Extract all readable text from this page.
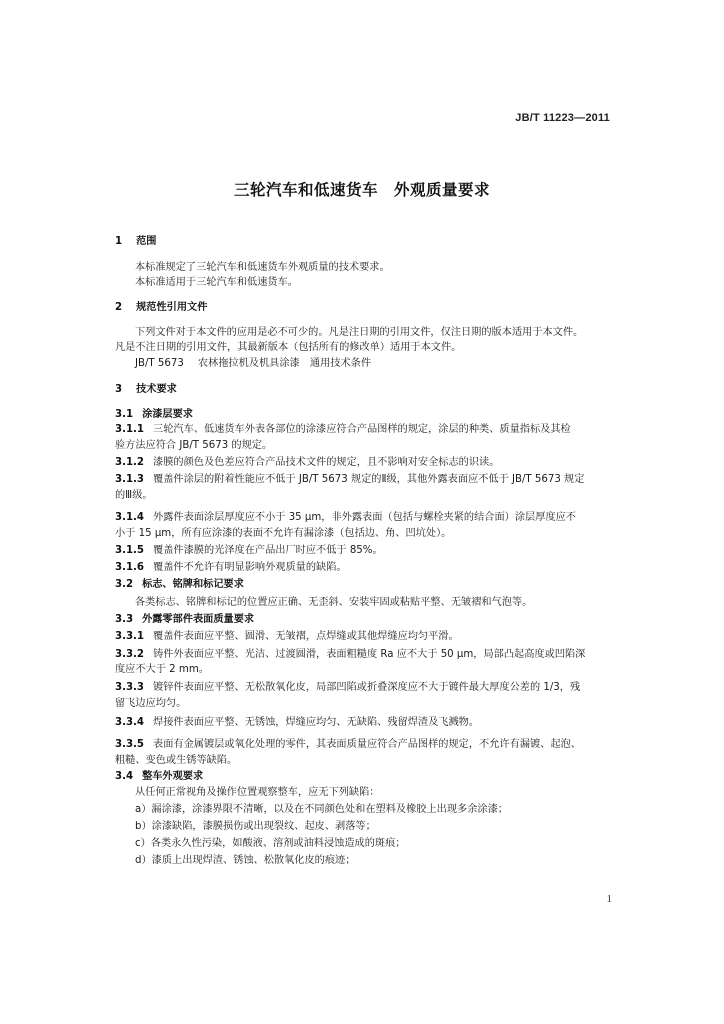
JB/T 11223—2011
三轮汽车和低速货车　外观质量要求
1 范围
本标准规定了三轮汽车和低速货车外观质量的技术要求。
本标准适用于三轮汽车和低速货车。
2 规范性引用文件
下列文件对于本文件的应用是必不可少的。凡是注日期的引用文件，仅注日期的版本适用于本文件。
凡是不注日期的引用文件，其最新版本（包括所有的修改单）适用于本文件。
JB/T 5673 农林拖拉机及机具涂漆　通用技术条件
3 技术要求
3.1 涂漆层要求
3.1.1 三轮汽车、低速货车外表各部位的涂漆应符合产品图样的规定，涂层的种类、质量指标及其检
验方法应符合 JB/T 5673 的规定。
3.1.2 漆膜的颜色及色差应符合产品技术文件的规定，且不影响对安全标志的识读。
3.1.3 覆盖件涂层的附着性能应不低于 JB/T 5673 规定的Ⅱ级，其他外露表面应不低于 JB/T 5673 规定
的Ⅲ级。
3.1.4 外露件表面涂层厚度应不小于 35 μm，非外露表面（包括与螺栓夹紧的结合面）涂层厚度应不
小于 15 μm，所有应涂漆的表面不允许有漏涂漆（包括边、角、凹坑处）。
3.1.5 覆盖件漆膜的光泽度在产品出厂时应不低于 85%。
3.1.6 覆盖件不允许有明显影响外观质量的缺陷。
3.2 标志、铭牌和标记要求
各类标志、铭牌和标记的位置应正确、无歪斜、安装牢固或粘贴平整、无皱褶和气泡等。
3.3 外露零部件表面质量要求
3.3.1 覆盖件表面应平整、圆滑、无皱褶，点焊缝或其他焊缝应均匀平滑。
3.3.2 铸件外表面应平整、光洁、过渡圆滑，表面粗糙度 Ra 应不大于 50 μm，局部凸起高度或凹陷深
度应不大于 2 mm。
3.3.3 镀锌件表面应平整、无松散氧化皮，局部凹陷或折叠深度应不大于镀件最大厚度公差的 1/3，残
留飞边应均匀。
3.3.4 焊接件表面应平整、无锈蚀，焊缝应均匀、无缺陷、残留焊渣及飞溅物。
3.3.5 表面有金属镀层或氧化处理的零件，其表面质量应符合产品图样的规定，不允许有漏镀、起泡、
粗糙、变色或生锈等缺陷。
3.4 整车外观要求
从任何正常视角及操作位置观察整车，应无下列缺陷：
a）漏涂漆，涂漆界限不清晰，以及在不同颜色处和在塑料及橡胶上出现多余涂漆；
b）涂漆缺陷，漆膜损伤或出现裂纹、起皮、剥落等；
c）各类永久性污染，如酸液、溶剂或油料浸蚀造成的斑痕；
d）漆质上出现焊渣、锈蚀、松散氧化皮的痕迹；
1
